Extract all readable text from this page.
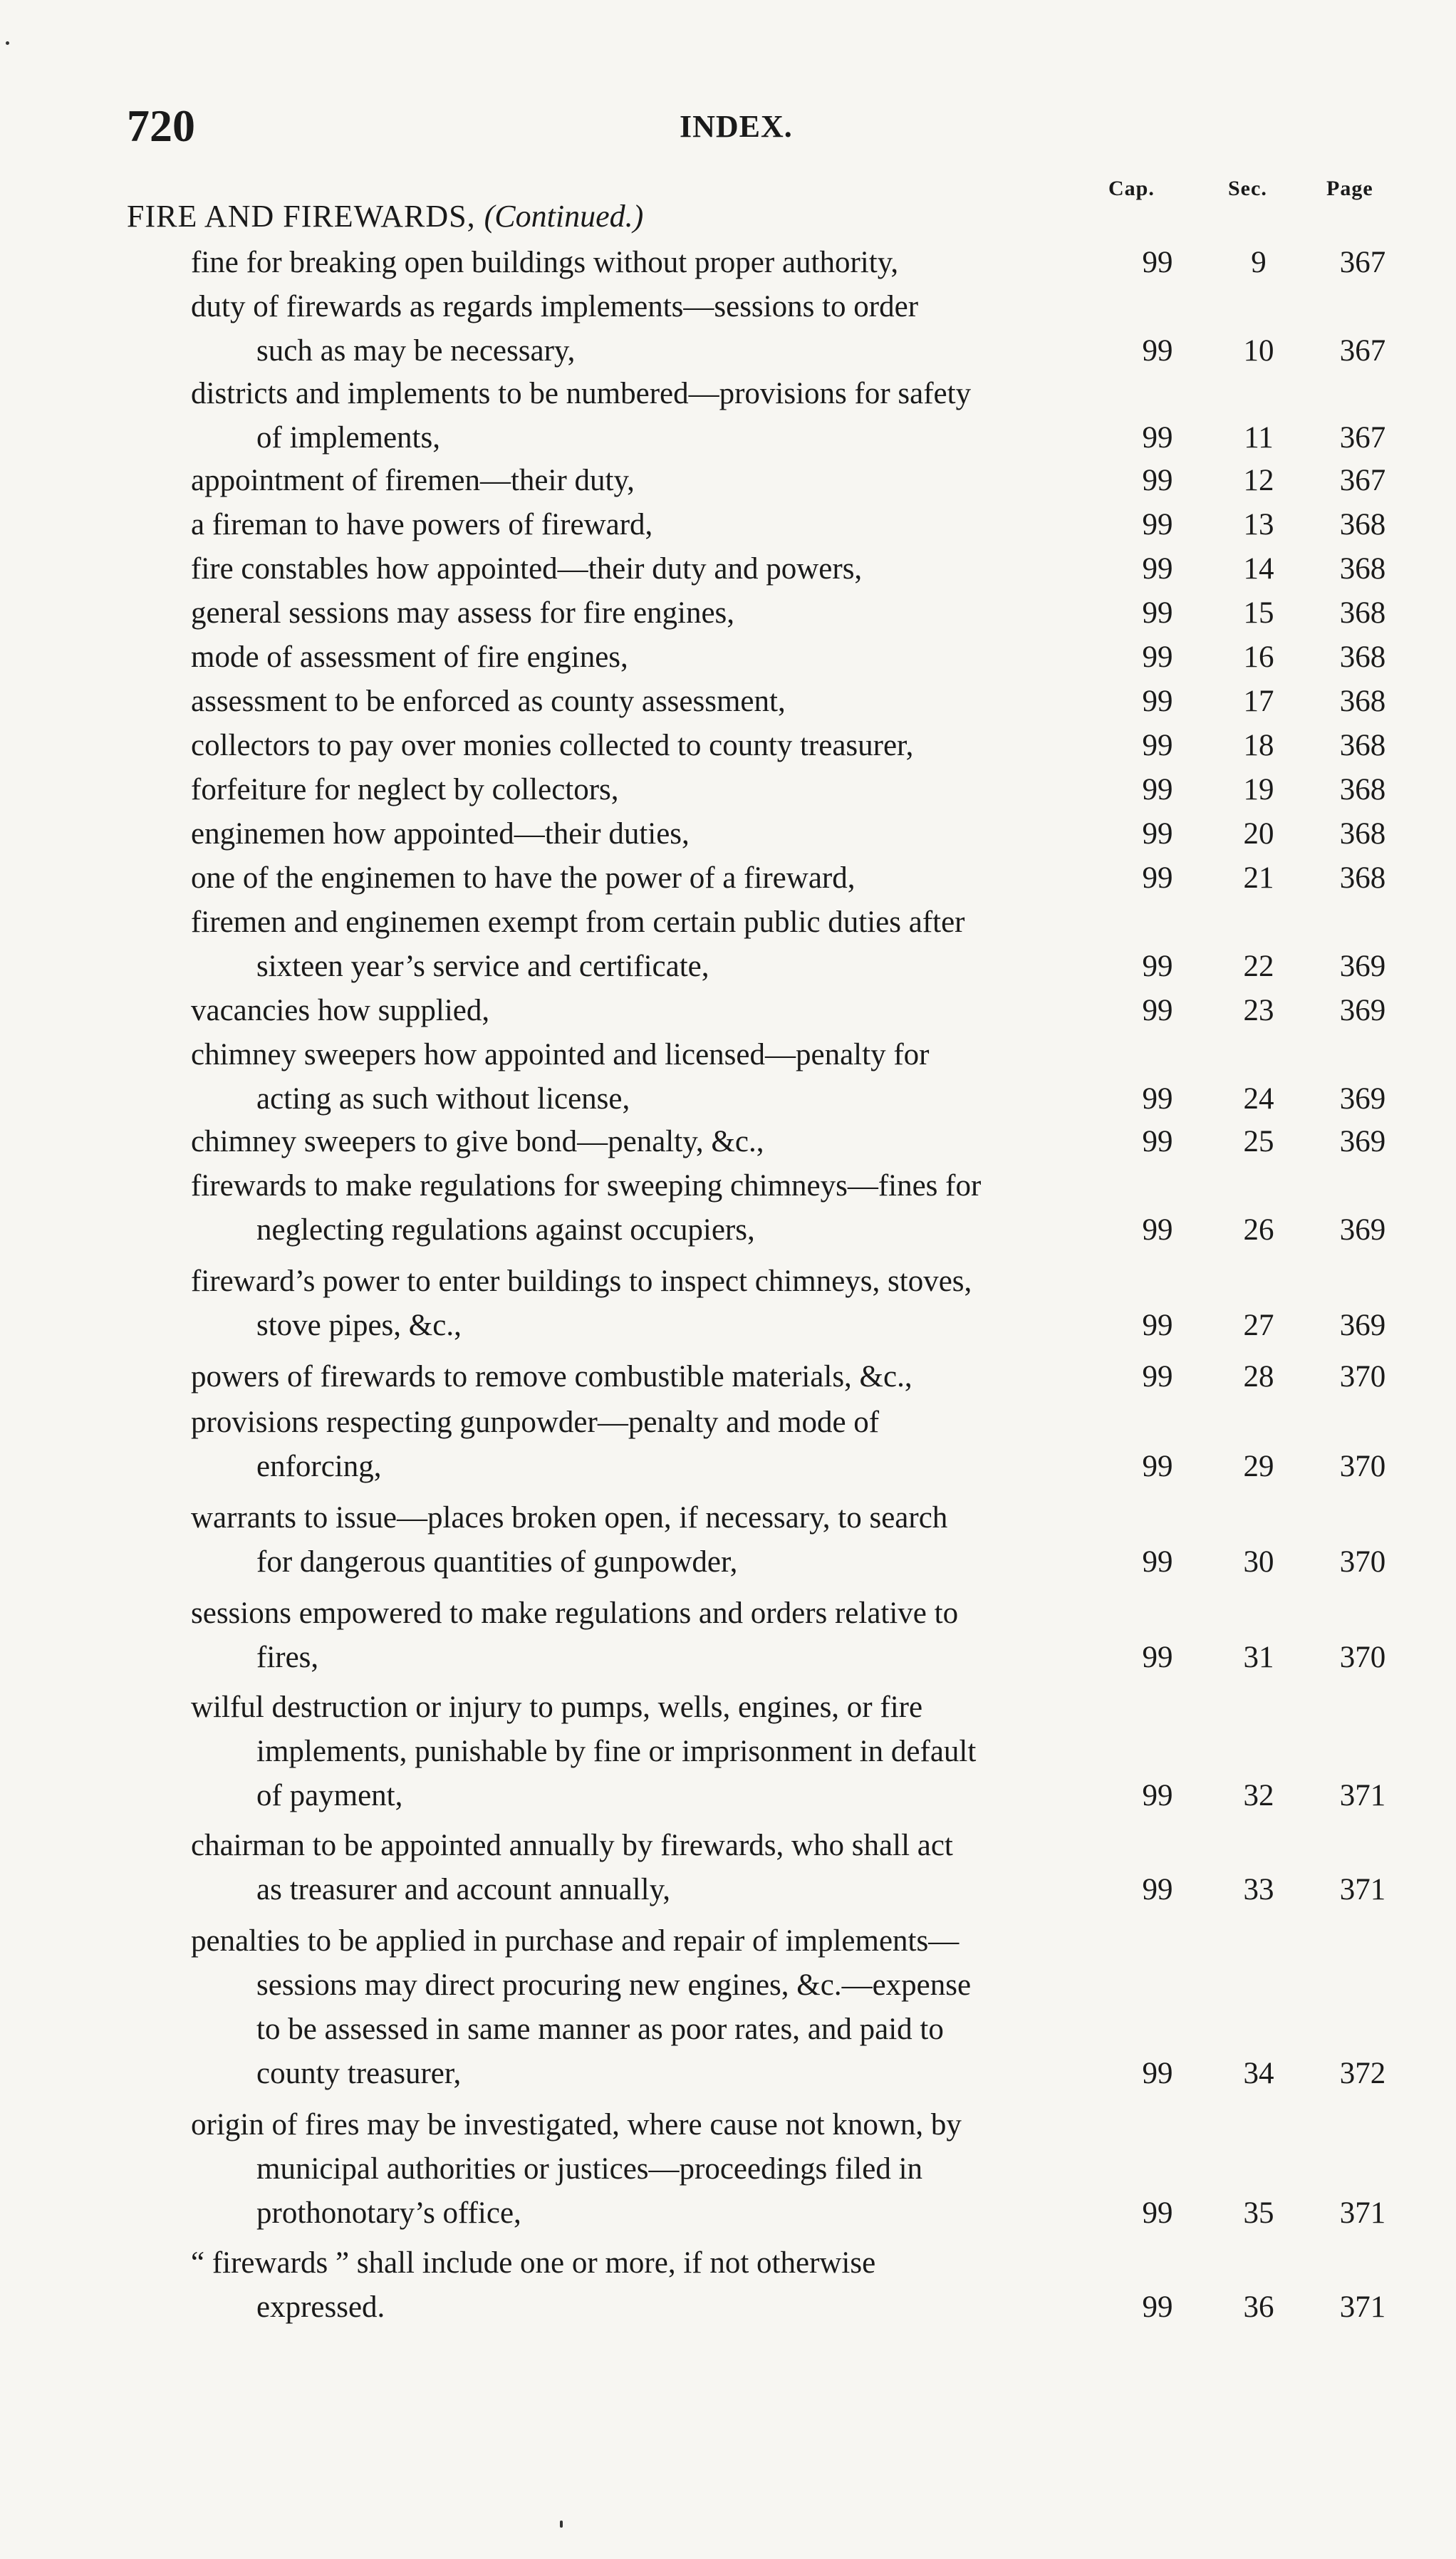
720	INDEX.
Cap.	Sec.	Page
FIRE AND FIREWARDS, (Continued.)
fine for breaking open buildings without proper authority,	99	9	367
duty of firewards as regards implements—sessions to order
such as may be necessary,	99	10	367
districts and implements to be numbered—provisions for safety
of implements,	99	11	367
appointment of firemen—their duty,	99	12	367
a fireman to have powers of fireward,	99	13	368
fire constables how appointed—their duty and powers,	99	14	368
general sessions may assess for fire engines,	99	15	368
mode of assessment of fire engines,	99	16	368
assessment to be enforced as county assessment,	99	17	368
collectors to pay over monies collected to county treasurer,	99	18	368
forfeiture for neglect by collectors,	99	19	368
enginemen how appointed—their duties,	99	20	368
one of the enginemen to have the power of a fireward,	99	21	368
firemen and enginemen exempt from certain public duties after
sixteen year’s service and certificate,	99	22	369
vacancies how supplied,	99	23	369
chimney sweepers how appointed and licensed—penalty for
acting as such without license,	99	24	369
chimney sweepers to give bond—penalty, &c.,	99	25	369
firewards to make regulations for sweeping chimneys—fines for
neglecting regulations against occupiers,	99	26	369
fireward’s power to enter buildings to inspect chimneys, stoves,
stove pipes, &c.,	99	27	369
powers of firewards to remove combustible materials, &c.,	99	28	370
provisions respecting gunpowder—penalty and mode of
enforcing,	99	29	370
warrants to issue—places broken open, if necessary, to search
for dangerous quantities of gunpowder,	99	30	370
sessions empowered to make regulations and orders relative to
fires,	99	31	370
wilful destruction or injury to pumps, wells, engines, or fire
implements, punishable by fine or imprisonment in default
of payment,	99	32	371
chairman to be appointed annually by firewards, who shall act
as treasurer and account annually,	99	33	371
penalties to be applied in purchase and repair of implements—
sessions may direct procuring new engines, &c.—expense
to be assessed in same manner as poor rates, and paid to
county treasurer,	99	34	372
origin of fires may be investigated, where cause not known, by
municipal authorities or justices—proceedings filed in
prothonotary’s office,	99	35	371
“ firewards ” shall include one or more, if not otherwise
expressed.	99	36	371
